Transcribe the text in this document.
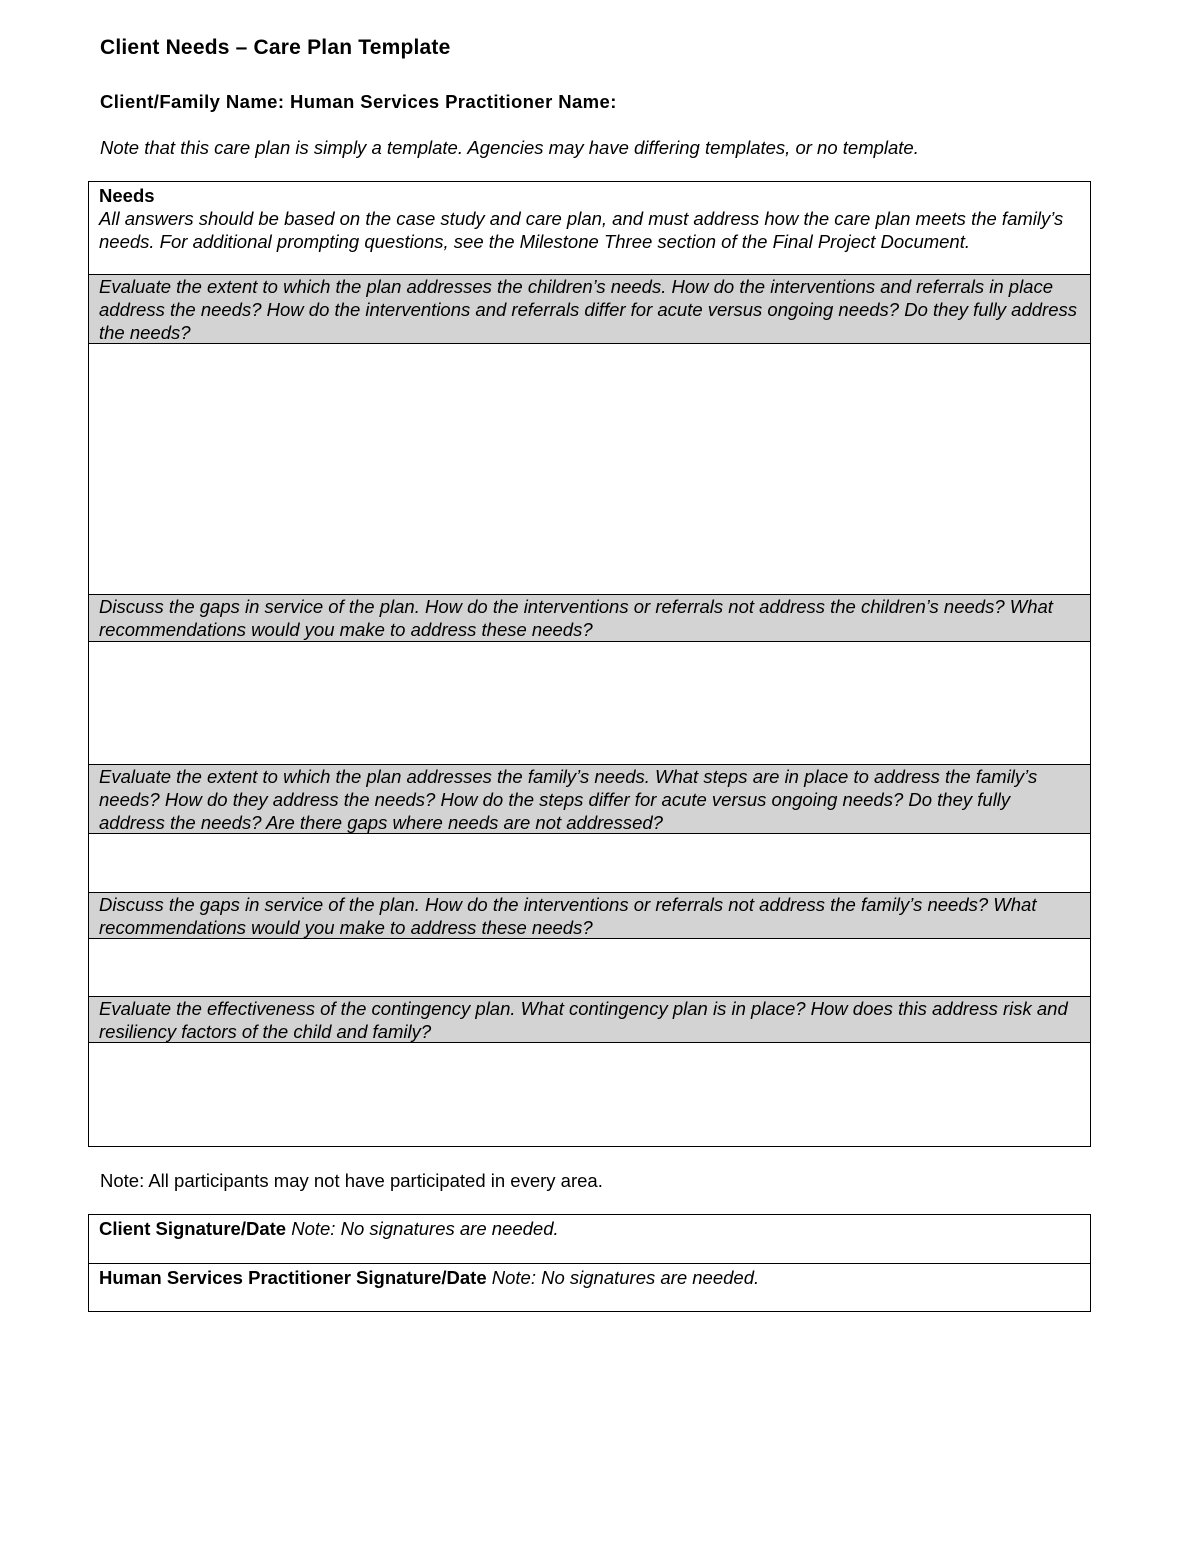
Client Needs – Care Plan Template
Client/Family Name: Human Services Practitioner Name:
Note that this care plan is simply a template. Agencies may have differing templates, or no template.
Needs
All answers should be based on the case study and care plan, and must address how the care plan meets the family’s needs. For additional prompting questions, see the Milestone Three section of the Final Project Document.
Evaluate the extent to which the plan addresses the children’s needs. How do the interventions and referrals in place address the needs? How do the interventions and referrals differ for acute versus ongoing needs? Do they fully address the needs?
Discuss the gaps in service of the plan. How do the interventions or referrals not address the children’s needs? What recommendations would you make to address these needs?
Evaluate the extent to which the plan addresses the family’s needs. What steps are in place to address the family’s needs? How do they address the needs? How do the steps differ for acute versus ongoing needs? Do they fully address the needs? Are there gaps where needs are not addressed?
Discuss the gaps in service of the plan. How do the interventions or referrals not address the family’s needs? What recommendations would you make to address these needs?
Evaluate the effectiveness of the contingency plan. What contingency plan is in place? How does this address risk and resiliency factors of the child and family?
Note: All participants may not have participated in every area.
Client Signature/Date Note: No signatures are needed.
Human Services Practitioner Signature/Date Note: No signatures are needed.
